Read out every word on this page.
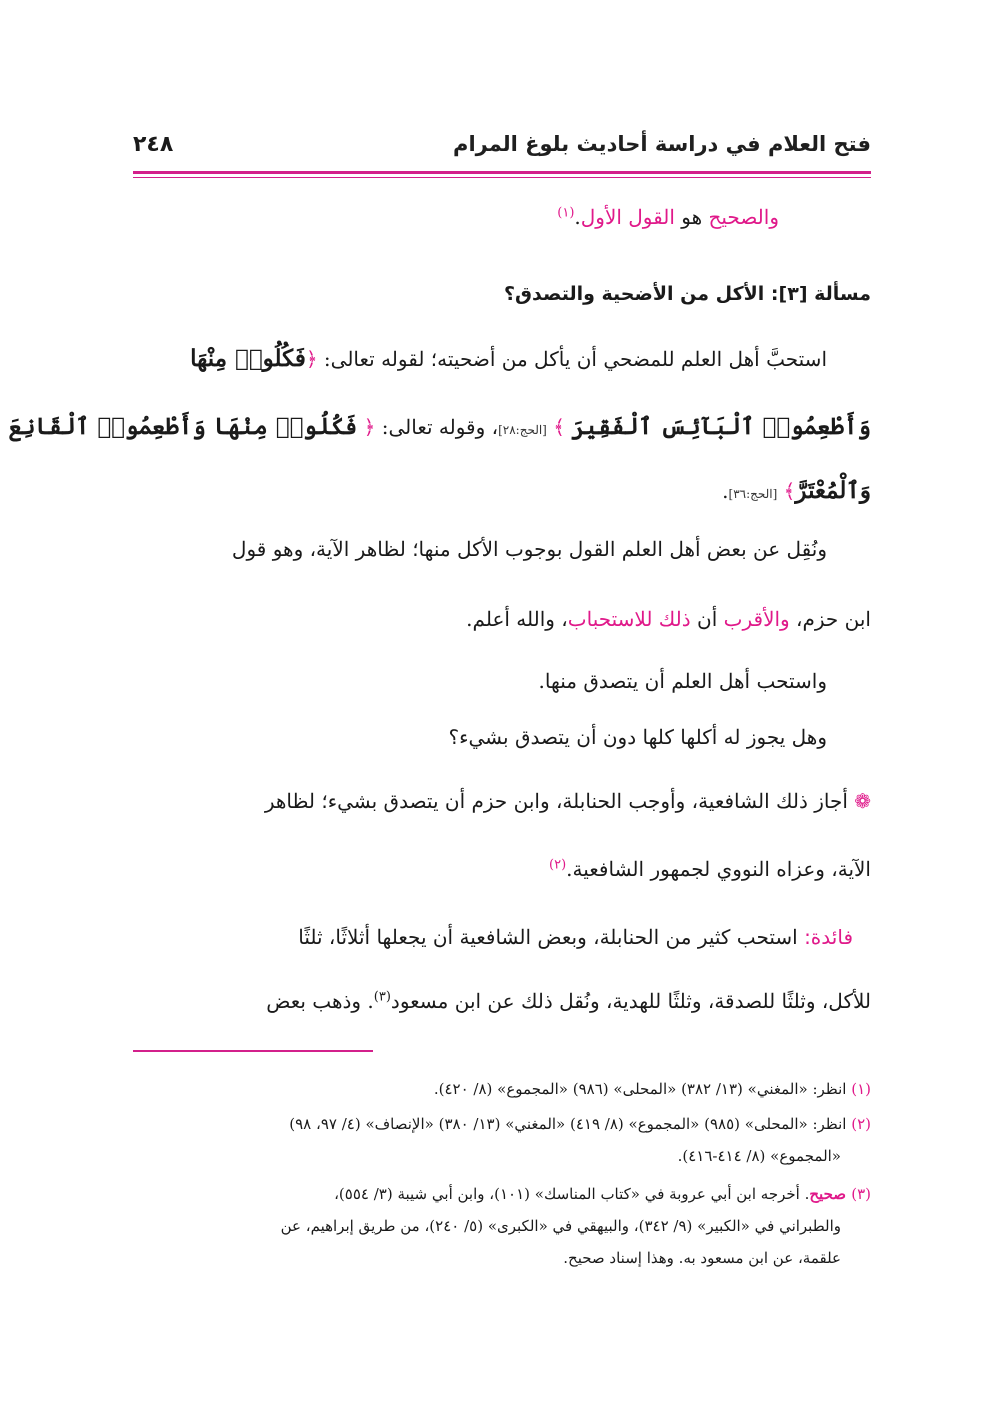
فتح العلام في دراسة أحاديث بلوغ المرام
٢٤٨
والصحيح هو القول الأول.$^{(١)}$
مسألة [٣]: الأكل من الأضحية والتصدق؟
استحبَّ أهل العلم للمضحي أن يأكل من أضحيته؛ لقوله تعالى: ﴿فَكُلُوا۟ مِنْهَا
وَأَطْعِمُوا۟ ٱلْبَآئِسَ ٱلْفَقِيرَ ﴾ [الحج:٢٨]، وقوله تعالى: ﴿ فَكُلُوا۟ مِنْهَا وَأَطْعِمُوا۟ ٱلْقَانِعَ
وَٱلْمُعْتَرَّ﴾ [الحج:٣٦].
ونُقِل عن بعض أهل العلم القول بوجوب الأكل منها؛ لظاهر الآية، وهو قول
ابن حزم، والأقرب أن ذلك للاستحباب، والله أعلم.
واستحب أهل العلم أن يتصدق منها.
وهل يجوز له أكلها كلها دون أن يتصدق بشيء؟
❁ أجاز ذلك الشافعية، وأوجب الحنابلة، وابن حزم أن يتصدق بشيء؛ لظاهر
الآية، وعزاه النووي لجمهور الشافعية.$^{(٢)}$
فائدة: استحب كثير من الحنابلة، وبعض الشافعية أن يجعلها أثلاثًا، ثلثًا
للأكل، وثلثًا للصدقة، وثلثًا للهدية، ونُقل ذلك عن ابن مسعود$^{(٣)}$. وذهب بعض
(١) انظر: «المغني» (١٣/ ٣٨٢) «المحلى» (٩٨٦) «المجموع» (٨/ ٤٢٠).
(٢) انظر: «المحلى» (٩٨٥) «المجموع» (٨/ ٤١٩) «المغني» (١٣/ ٣٨٠) «الإنصاف» (٤/ ٩٧، ٩٨)
«المجموع» (٨/ ٤١٤-٤١٦).
(٣) صحيح. أخرجه ابن أبي عروبة في «كتاب المناسك» (١٠١)، وابن أبي شيبة (٣/ ٥٥٤)،
والطبراني في «الكبير» (٩/ ٣٤٢)، والبيهقي في «الكبرى» (٥/ ٢٤٠)، من طريق إبراهيم، عن
علقمة، عن ابن مسعود به. وهذا إسناد صحيح.
